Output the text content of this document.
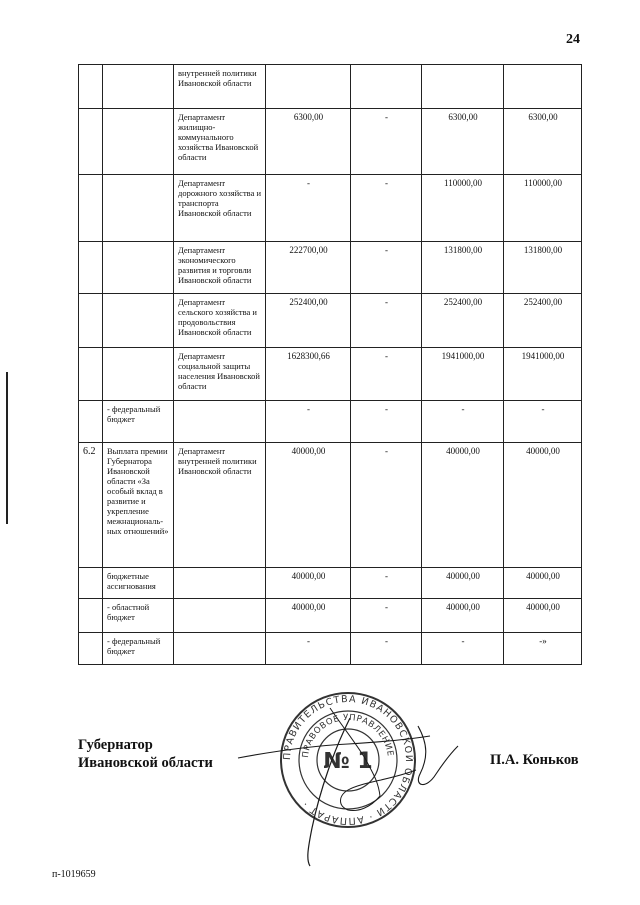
24
		внутренней политики Ивановской области	

		Департамент жилищно-коммунального хозяйства Ивановской области	6300,00	-	6300,00	6300,00

		Департамент дорожного хозяйства и транспорта Ивановской области	-	-	110000,00	110000,00

		Департамент экономического развития и торговли Ивановской области	222700,00	-	131800,00	131800,00

		Департамент сельского хозяйства и продовольствия Ивановской области	252400,00	-	252400,00	252400,00

		Департамент социальной защиты населения Ивановской области	1628300,66	-	1941000,00	1941000,00

	- федеральный бюджет		-	-	-	-

6.2	Выплата премии Губернатора Ивановской области «За особый вклад в развитие и укрепление межнациональ-ных отношений»	Департамент внутренней политики Ивановской области	40000,00	-	40000,00	40000,00

	бюджетные ассигнования		40000,00	-	40000,00	40000,00

	- областной бюджет		40000,00	-	40000,00	40000,00

	- федеральный бюджет		-	-	-	-»
Губернатор
Ивановской области	ПРАВИТЕЛЬСТВА ИВАНОВСКОЙ ОБЛАСТИ · АППАРАТ ·
ПРАВОВОЕ УПРАВЛЕНИЕ
№ 1	П.А. Коньков
п-1019659
